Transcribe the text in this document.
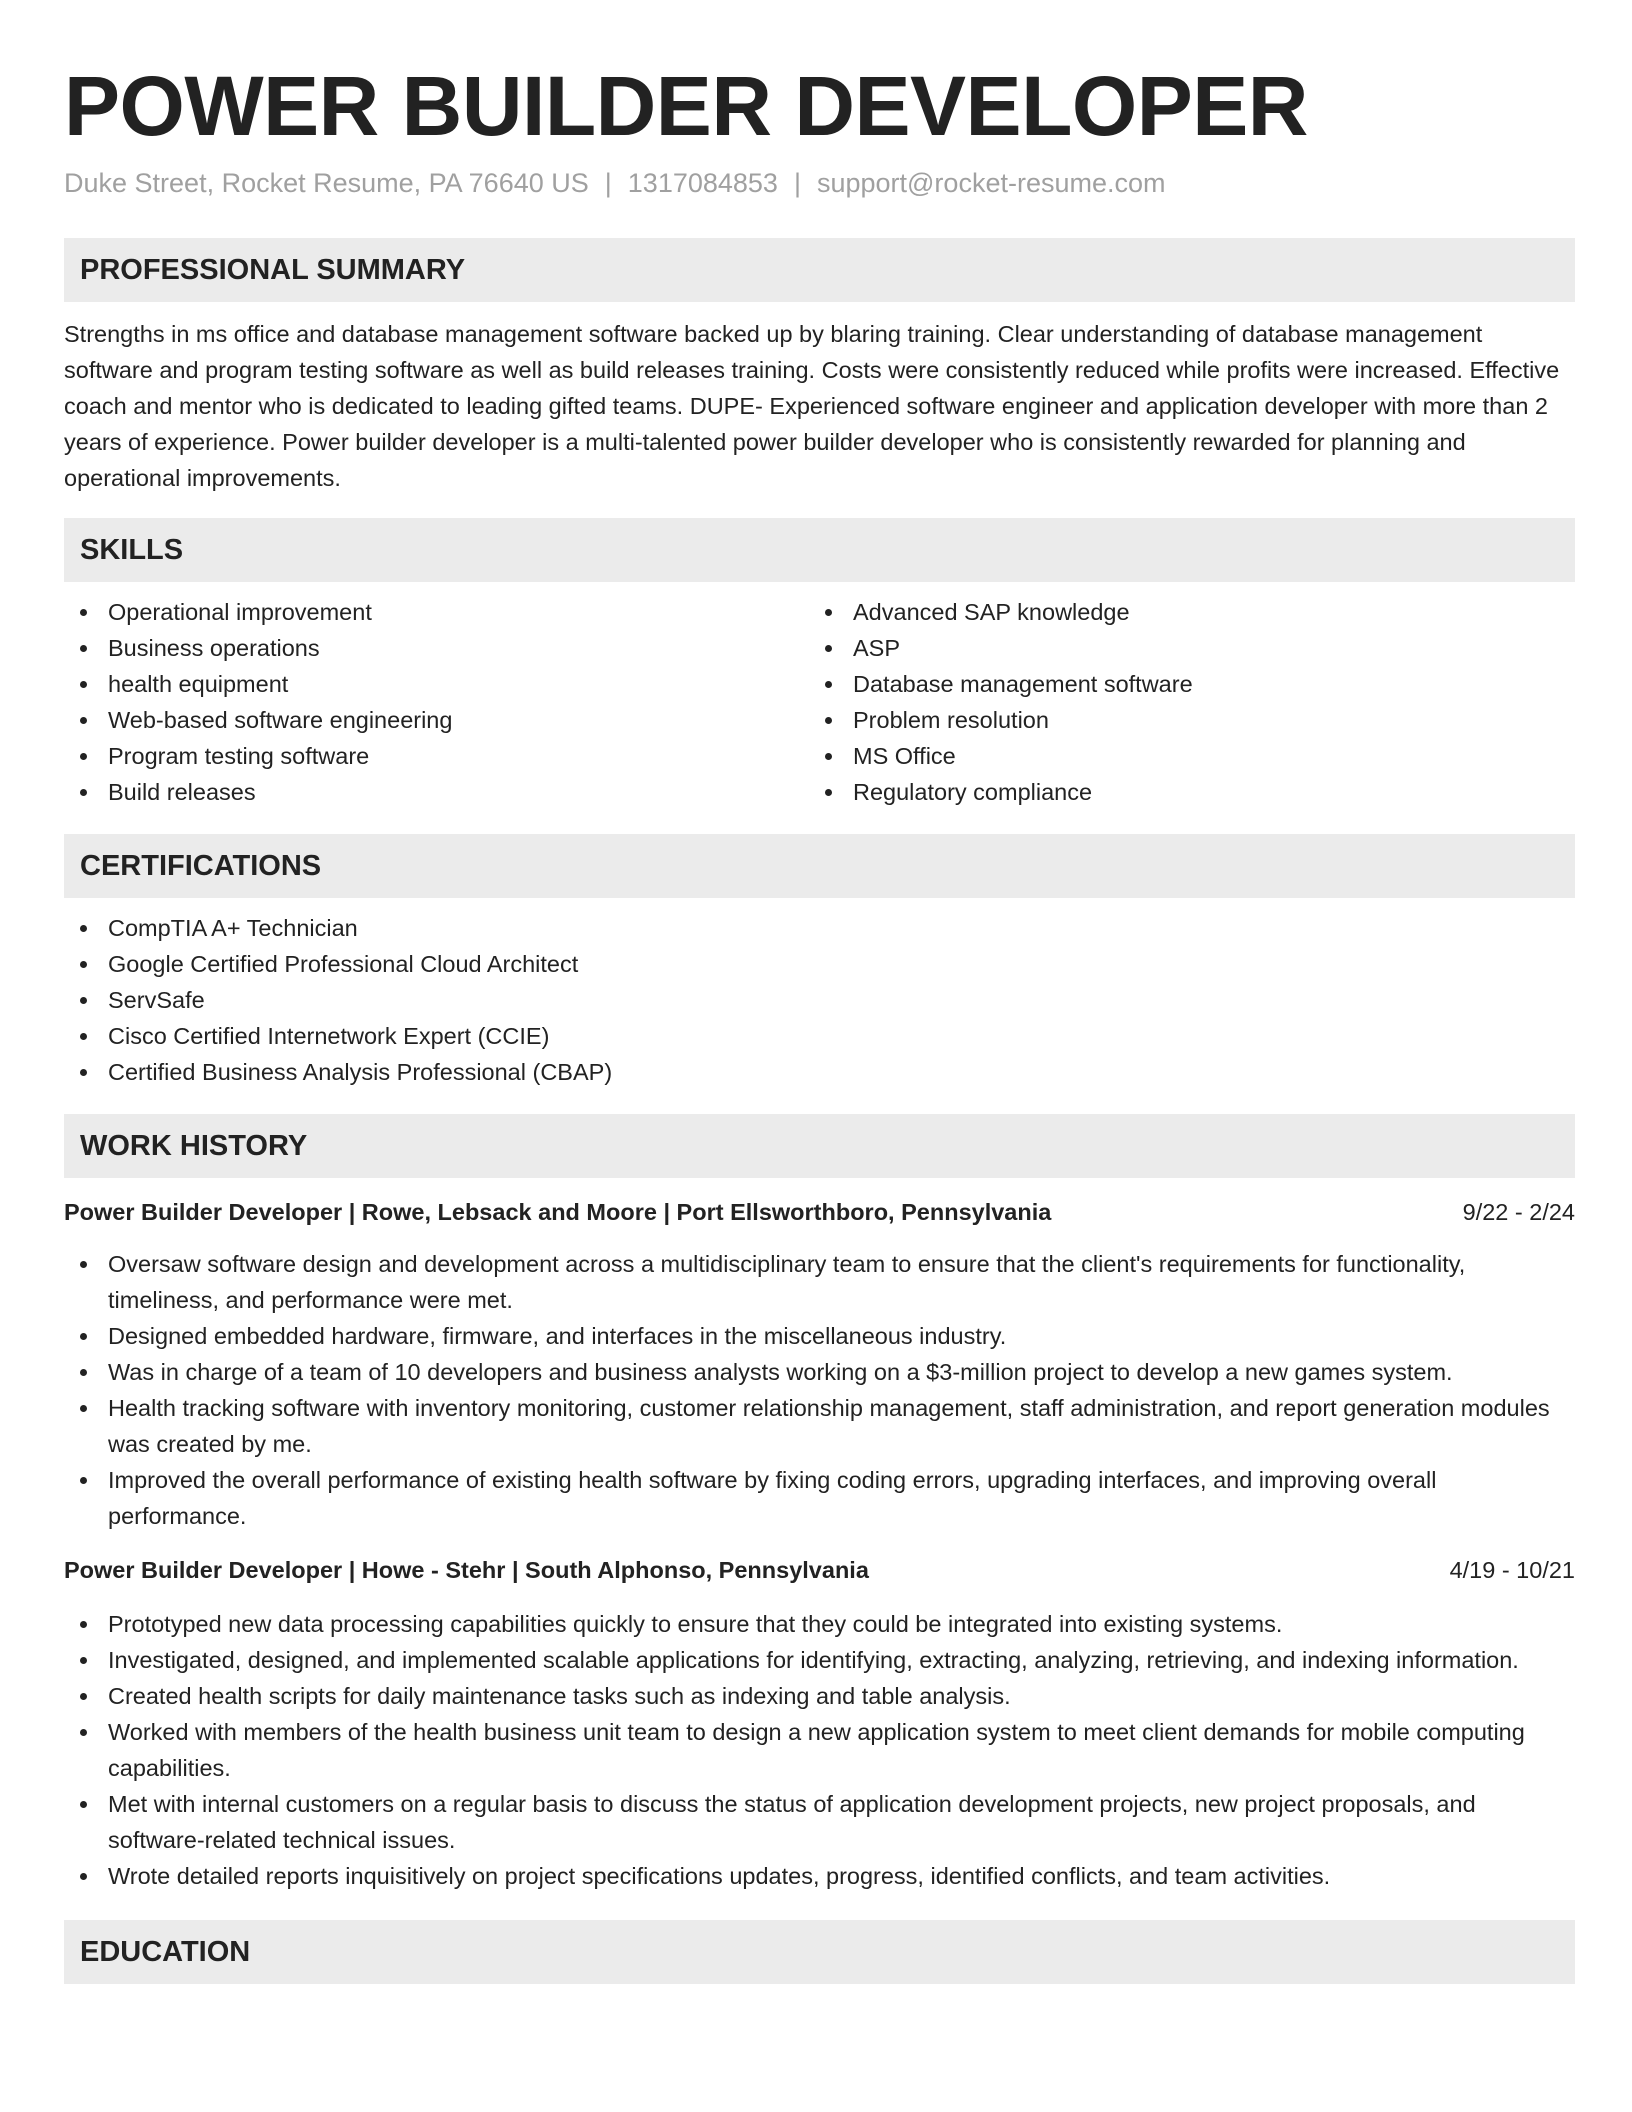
POWER BUILDER DEVELOPER
Duke Street, Rocket Resume, PA 76640 US | 1317084853 | support@rocket-resume.com
PROFESSIONAL SUMMARY

Strengths in ms office and database management software backed up by blaring training. Clear understanding of database management software and program testing software as well as build releases training. Costs were consistently reduced while profits were increased. Effective coach and mentor who is dedicated to leading gifted teams. DUPE- Experienced software engineer and application developer with more than 2 years of experience. Power builder developer is a multi-talented power builder developer who is consistently rewarded for planning and operational improvements.

SKILLS
Operational improvement
Business operations
health equipment
Web-based software engineering
Program testing software
Build releases
Advanced SAP knowledge
ASP
Database management software
Problem resolution
MS Office
Regulatory compliance
CERTIFICATIONS
CompTIA A+ Technician
Google Certified Professional Cloud Architect
ServSafe
Cisco Certified Internetwork Expert (CCIE)
Certified Business Analysis Professional (CBAP)
WORK HISTORY
Power Builder Developer | Rowe, Lebsack and Moore | Port Ellsworthboro, Pennsylvania	9/22 - 2/24
Oversaw software design and development across a multidisciplinary team to ensure that the client's requirements for functionality, timeliness, and performance were met.
Designed embedded hardware, firmware, and interfaces in the miscellaneous industry.
Was in charge of a team of 10 developers and business analysts working on a $3-million project to develop a new games system.
Health tracking software with inventory monitoring, customer relationship management, staff administration, and report generation modules was created by me.
Improved the overall performance of existing health software by fixing coding errors, upgrading interfaces, and improving overall performance.
Power Builder Developer | Howe - Stehr | South Alphonso, Pennsylvania	4/19 - 10/21
Prototyped new data processing capabilities quickly to ensure that they could be integrated into existing systems.
Investigated, designed, and implemented scalable applications for identifying, extracting, analyzing, retrieving, and indexing information.
Created health scripts for daily maintenance tasks such as indexing and table analysis.
Worked with members of the health business unit team to design a new application system to meet client demands for mobile computing capabilities.
Met with internal customers on a regular basis to discuss the status of application development projects, new project proposals, and software-related technical issues.
Wrote detailed reports inquisitively on project specifications updates, progress, identified conflicts, and team activities.
EDUCATION
